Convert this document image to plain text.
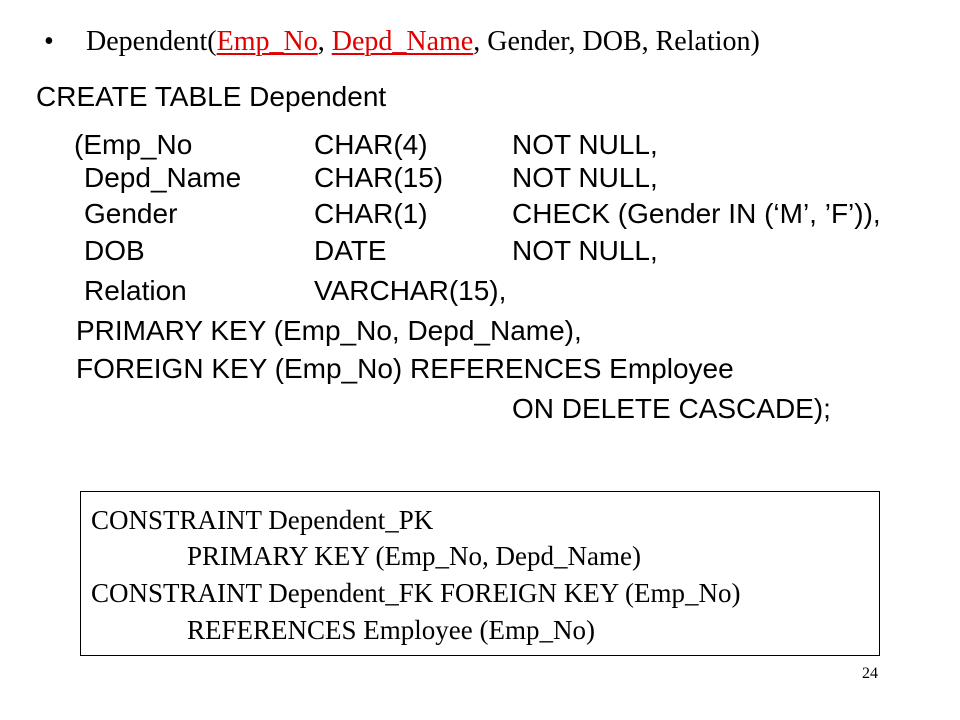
• Dependent(Emp_No, Depd_Name, Gender, DOB, Relation)
CREATE TABLE Dependent
(Emp_No	CHAR(4)	NOT NULL,
Depd_Name	CHAR(15) NOT NULL,
Gender	CHAR(1)	CHECK (Gender IN (‘M’, ’F’)),
DOB	DATE	NOT NULL,
Relation	VARCHAR(15),
PRIMARY KEY (Emp_No, Depd_Name),
FOREIGN KEY (Emp_No) REFERENCES Employee
ON DELETE CASCADE);
CONSTRAINT Dependent_PK
PRIMARY KEY (Emp_No, Depd_Name)
CONSTRAINT Dependent_FK FOREIGN KEY (Emp_No)
REFERENCES Employee (Emp_No)
24
